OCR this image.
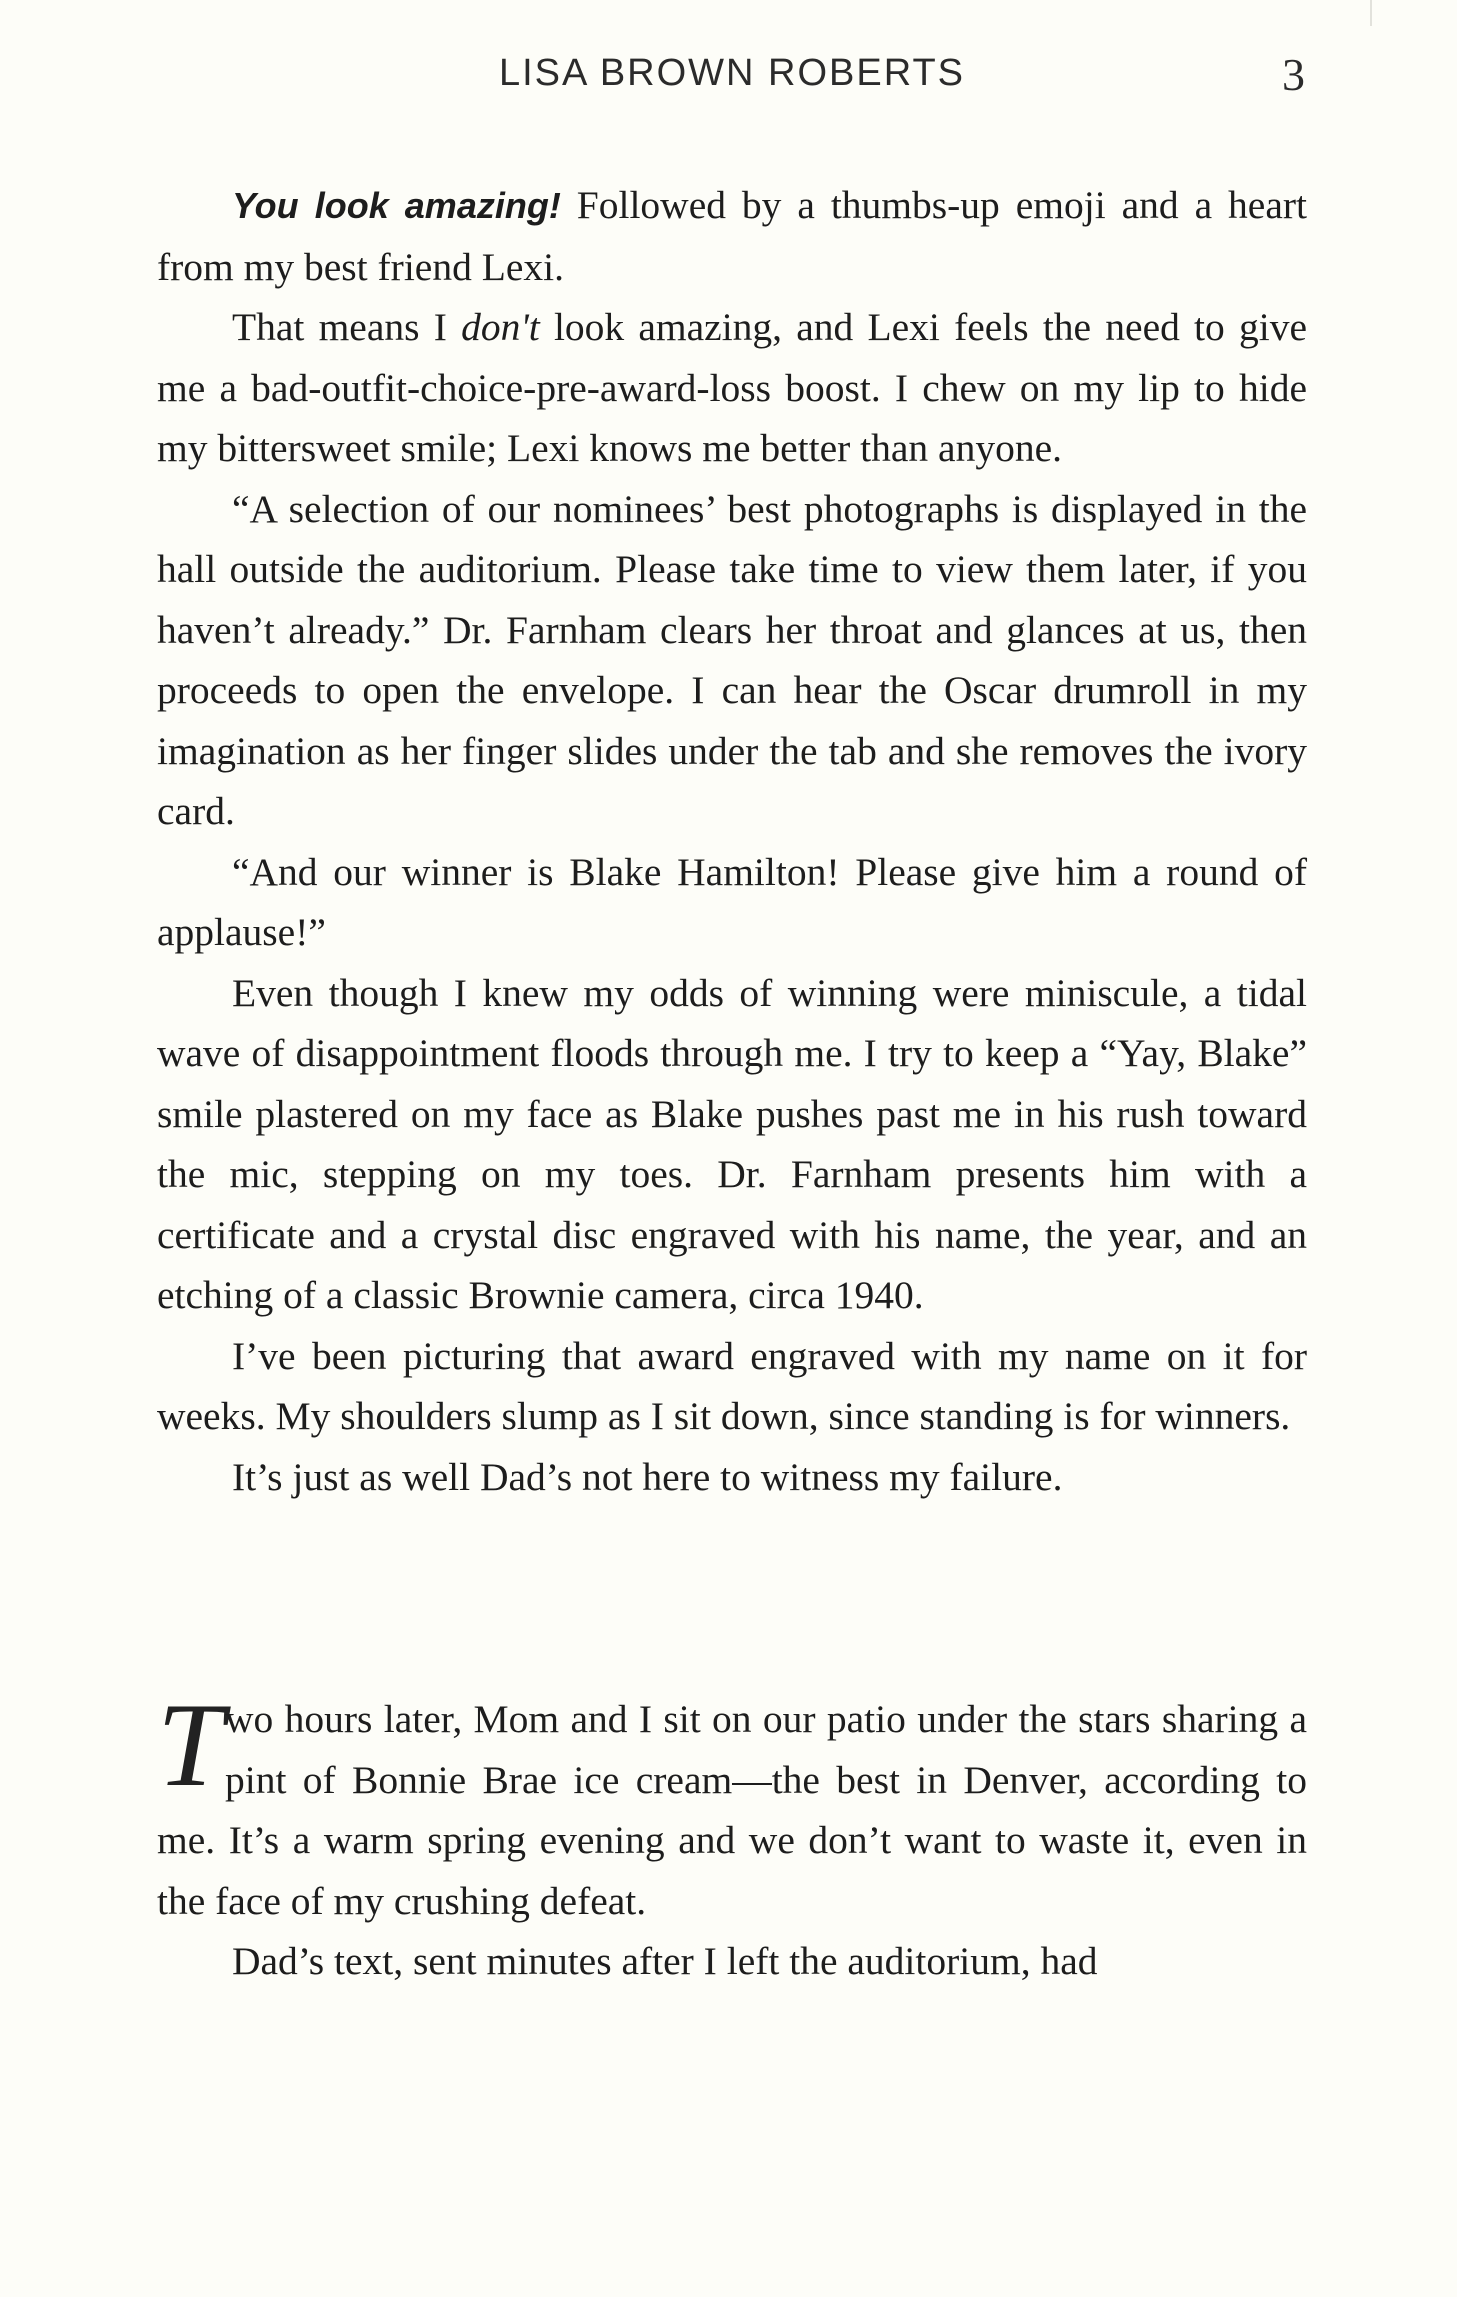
LISA BROWN ROBERTS	3

You look amazing! Followed by a thumbs-up emoji and a heart from my best friend Lexi.

That means I don't look amazing, and Lexi feels the need to give me a bad-outfit-choice-pre-award-loss boost. I chew on my lip to hide my bittersweet smile; Lexi knows me better than anyone.

“A selection of our nominees’ best photographs is displayed in the hall outside the auditorium. Please take time to view them later, if you haven’t already.” Dr. Farnham clears her throat and glances at us, then proceeds to open the envelope. I can hear the Oscar drumroll in my imagination as her finger slides under the tab and she removes the ivory card.

“And our winner is Blake Hamilton! Please give him a round of applause!”

Even though I knew my odds of winning were miniscule, a tidal wave of disappointment floods through me. I try to keep a “Yay, Blake” smile plastered on my face as Blake pushes past me in his rush toward the mic, stepping on my toes. Dr. Farnham presents him with a certificate and a crystal disc engraved with his name, the year, and an etching of a classic Brownie camera, circa 1940.

I’ve been picturing that award engraved with my name on it for weeks. My shoulders slump as I sit down, since standing is for winners.

It’s just as well Dad’s not here to witness my failure.

Two hours later, Mom and I sit on our patio under the stars sharing a pint of Bonnie Brae ice cream—the best in Denver, according to me. It’s a warm spring evening and we don’t want to waste it, even in the face of my crushing defeat.

Dad’s text, sent minutes after I left the auditorium, had
